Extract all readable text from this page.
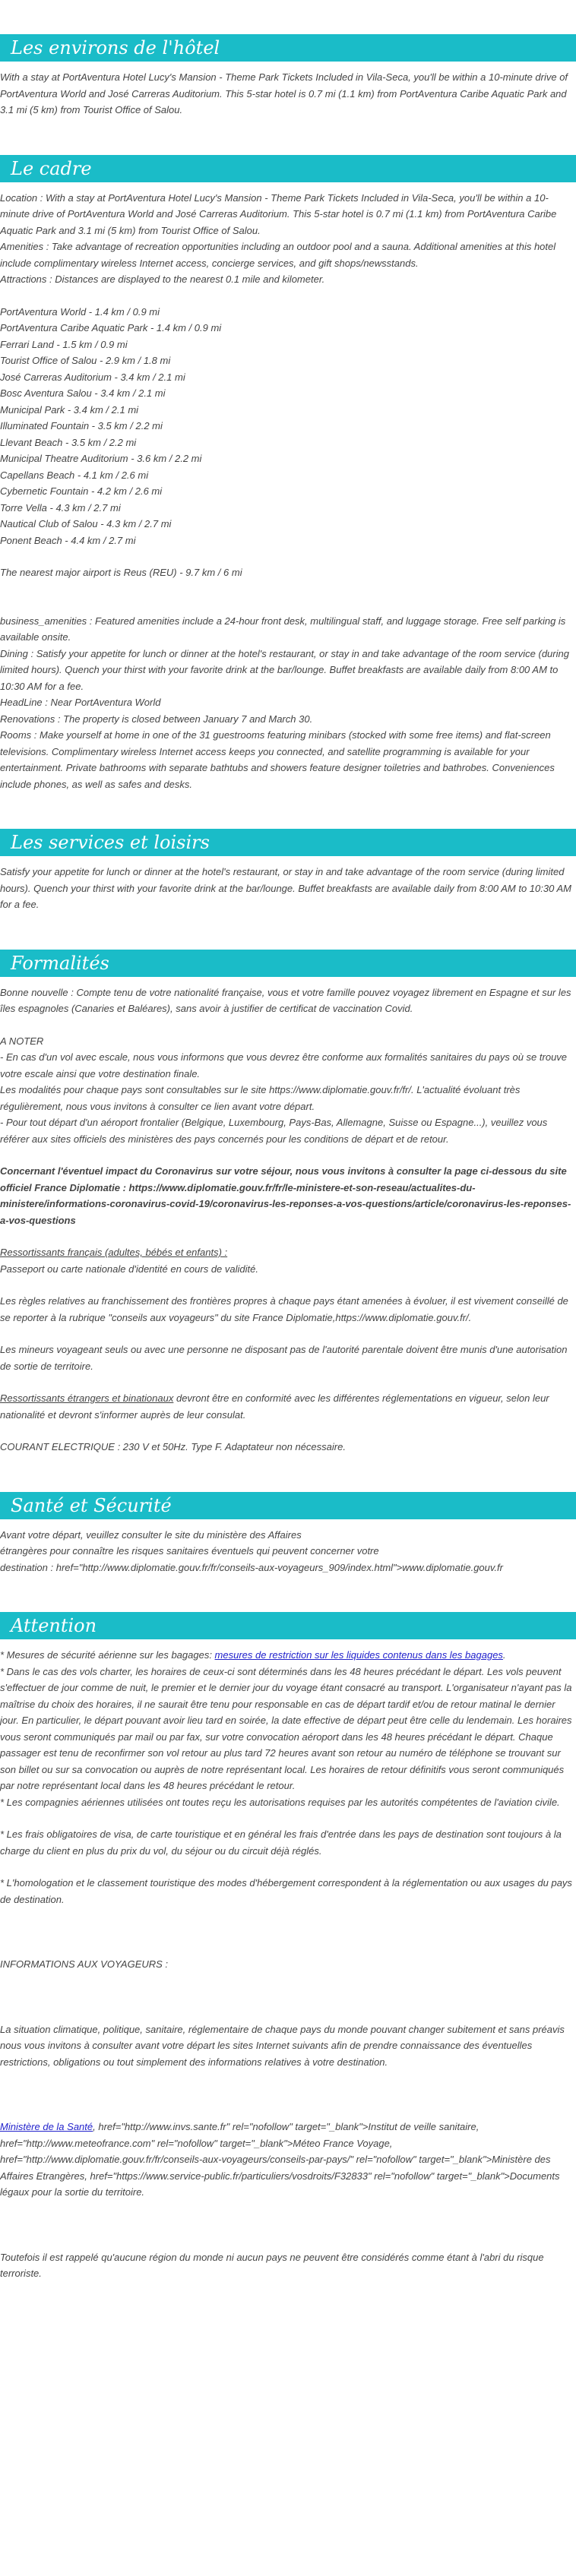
Les environs de l'hôtel

With a stay at PortAventura Hotel Lucy's Mansion - Theme Park Tickets Included in Vila-Seca, you'll be within a 10-minute drive of PortAventura World and José Carreras Auditorium. This 5-star hotel is 0.7 mi (1.1 km) from PortAventura Caribe Aquatic Park and 3.1 mi (5 km) from Tourist Office of Salou.

Le cadre

Location : With a stay at PortAventura Hotel Lucy's Mansion - Theme Park Tickets Included in Vila-Seca, you'll be within a 10-minute drive of PortAventura World and José Carreras Auditorium. This 5-star hotel is 0.7 mi (1.1 km) from PortAventura Caribe Aquatic Park and 3.1 mi (5 km) from Tourist Office of Salou.

Amenities : Take advantage of recreation opportunities including an outdoor pool and a sauna. Additional amenities at this hotel include complimentary wireless Internet access, concierge services, and gift shops/newsstands.

Attractions : Distances are displayed to the nearest 0.1 mile and kilometer.

PortAventura World - 1.4 km / 0.9 mi
PortAventura Caribe Aquatic Park - 1.4 km / 0.9 mi
Ferrari Land - 1.5 km / 0.9 mi
Tourist Office of Salou - 2.9 km / 1.8 mi
José Carreras Auditorium - 3.4 km / 2.1 mi
Bosc Aventura Salou - 3.4 km / 2.1 mi
Municipal Park - 3.4 km / 2.1 mi
Illuminated Fountain - 3.5 km / 2.2 mi
Llevant Beach - 3.5 km / 2.2 mi
Municipal Theatre Auditorium - 3.6 km / 2.2 mi
Capellans Beach - 4.1 km / 2.6 mi
Cybernetic Fountain - 4.2 km / 2.6 mi
Torre Vella - 4.3 km / 2.7 mi
Nautical Club of Salou - 4.3 km / 2.7 mi
Ponent Beach - 4.4 km / 2.7 mi

The nearest major airport is Reus (REU) - 9.7 km / 6 mi

business_amenities : Featured amenities include a 24-hour front desk, multilingual staff, and luggage storage. Free self parking is available onsite.

Dining : Satisfy your appetite for lunch or dinner at the hotel's restaurant, or stay in and take advantage of the room service (during limited hours). Quench your thirst with your favorite drink at the bar/lounge. Buffet breakfasts are available daily from 8:00 AM to 10:30 AM for a fee.

HeadLine : Near PortAventura World

Renovations : The property is closed between January 7 and March 30.

Rooms : Make yourself at home in one of the 31 guestrooms featuring minibars (stocked with some free items) and flat-screen televisions. Complimentary wireless Internet access keeps you connected, and satellite programming is available for your entertainment. Private bathrooms with separate bathtubs and showers feature designer toiletries and bathrobes. Conveniences include phones, as well as safes and desks.

Les services et loisirs

Satisfy your appetite for lunch or dinner at the hotel's restaurant, or stay in and take advantage of the room service (during limited hours). Quench your thirst with your favorite drink at the bar/lounge. Buffet breakfasts are available daily from 8:00 AM to 10:30 AM for a fee.

Formalités

Bonne nouvelle : Compte tenu de votre nationalité française, vous et votre famille pouvez voyagez librement en Espagne et sur les îles espagnoles (Canaries et Baléares), sans avoir à justifier de certificat de vaccination Covid.

A NOTER

- En cas d'un vol avec escale, nous vous informons que vous devrez être conforme aux formalités sanitaires du pays où se trouve votre escale ainsi que votre destination finale.

Les modalités pour chaque pays sont consultables sur le site https://www.diplomatie.gouv.fr/fr/. L'actualité évoluant très régulièrement, nous vous invitons à consulter ce lien avant votre départ.

- Pour tout départ d'un aéroport frontalier (Belgique, Luxembourg, Pays-Bas, Allemagne, Suisse ou Espagne...), veuillez vous référer aux sites officiels des ministères des pays concernés pour les conditions de départ et de retour.

Concernant l'éventuel impact du Coronavirus sur votre séjour, nous vous invitons à consulter la page ci-dessous du site officiel France Diplomatie : https://www.diplomatie.gouv.fr/fr/le-ministere-et-son-reseau/actualites-du-ministere/informations-coronavirus-covid-19/coronavirus-les-reponses-a-vos-questions/article/coronavirus-les-reponses-a-vos-questions

Ressortissants français (adultes, bébés et enfants) :

Passeport ou carte nationale d'identité en cours de validité.

Les règles relatives au franchissement des frontières propres à chaque pays étant amenées à évoluer, il est vivement conseillé de se reporter à la rubrique "conseils aux voyageurs" du site France Diplomatie,https://www.diplomatie.gouv.fr/.

Les mineurs voyageant seuls ou avec une personne ne disposant pas de l'autorité parentale doivent être munis d'une autorisation de sortie de territoire.

Ressortissants étrangers et binationaux devront être en conformité avec les différentes réglementations en vigueur, selon leur nationalité et devront s'informer auprès de leur consulat.

COURANT ELECTRIQUE : 230 V et 50Hz. Type F. Adaptateur non nécessaire.

Santé et Sécurité

Avant votre départ, veuillez consulter le site du ministère des Affaires

étrangères pour connaître les risques sanitaires éventuels qui peuvent concerner votre

destination : href="http://www.diplomatie.gouv.fr/fr/conseils-aux-voyageurs_909/index.html">www.diplomatie.gouv.fr

Attention

* Mesures de sécurité aérienne sur les bagages: mesures de restriction sur les liquides contenus dans les bagages.

* Dans le cas des vols charter, les horaires de ceux-ci sont déterminés dans les 48 heures précédant le départ. Les vols peuvent s'effectuer de jour comme de nuit, le premier et le dernier jour du voyage étant consacré au transport. L'organisateur n'ayant pas la maîtrise du choix des horaires, il ne saurait être tenu pour responsable en cas de départ tardif et/ou de retour matinal le dernier jour. En particulier, le départ pouvant avoir lieu tard en soirée, la date effective de départ peut être celle du lendemain. Les horaires vous seront communiqués par mail ou par fax, sur votre convocation aéroport dans les 48 heures précédant le départ. Chaque passager est tenu de reconfirmer son vol retour au plus tard 72 heures avant son retour au numéro de téléphone se trouvant sur son billet ou sur sa convocation ou auprès de notre représentant local. Les horaires de retour définitifs vous seront communiqués par notre représentant local dans les 48 heures précédant le retour.

* Les compagnies aériennes utilisées ont toutes reçu les autorisations requises par les autorités compétentes de l'aviation civile.

* Les frais obligatoires de visa, de carte touristique et en général les frais d'entrée dans les pays de destination sont toujours à la charge du client en plus du prix du vol, du séjour ou du circuit déjà réglés.

* L'homologation et le classement touristique des modes d'hébergement correspondent à la réglementation ou aux usages du pays de destination.

INFORMATIONS AUX VOYAGEURS :

La situation climatique, politique, sanitaire, réglementaire de chaque pays du monde pouvant changer subitement et sans préavis

nous vous invitons à consulter avant votre départ les sites Internet suivants afin de prendre connaissance des éventuelles restrictions, obligations ou tout simplement des informations relatives à votre destination.

Ministère de la Santé, href="http://www.invs.sante.fr" rel="nofollow" target="_blank">Institut de veille sanitaire, href="http://www.meteofrance.com" rel="nofollow" target="_blank">Méteo France Voyage, href="http://www.diplomatie.gouv.fr/fr/conseils-aux-voyageurs/conseils-par-pays/" rel="nofollow" target="_blank">Ministère des Affaires Etrangères, href="https://www.service-public.fr/particuliers/vosdroits/F32833" rel="nofollow" target="_blank">Documents légaux pour la sortie du territoire.

Toutefois il est rappelé qu'aucune région du monde ni aucun pays ne peuvent être considérés comme étant à l'abri du risque terroriste.
